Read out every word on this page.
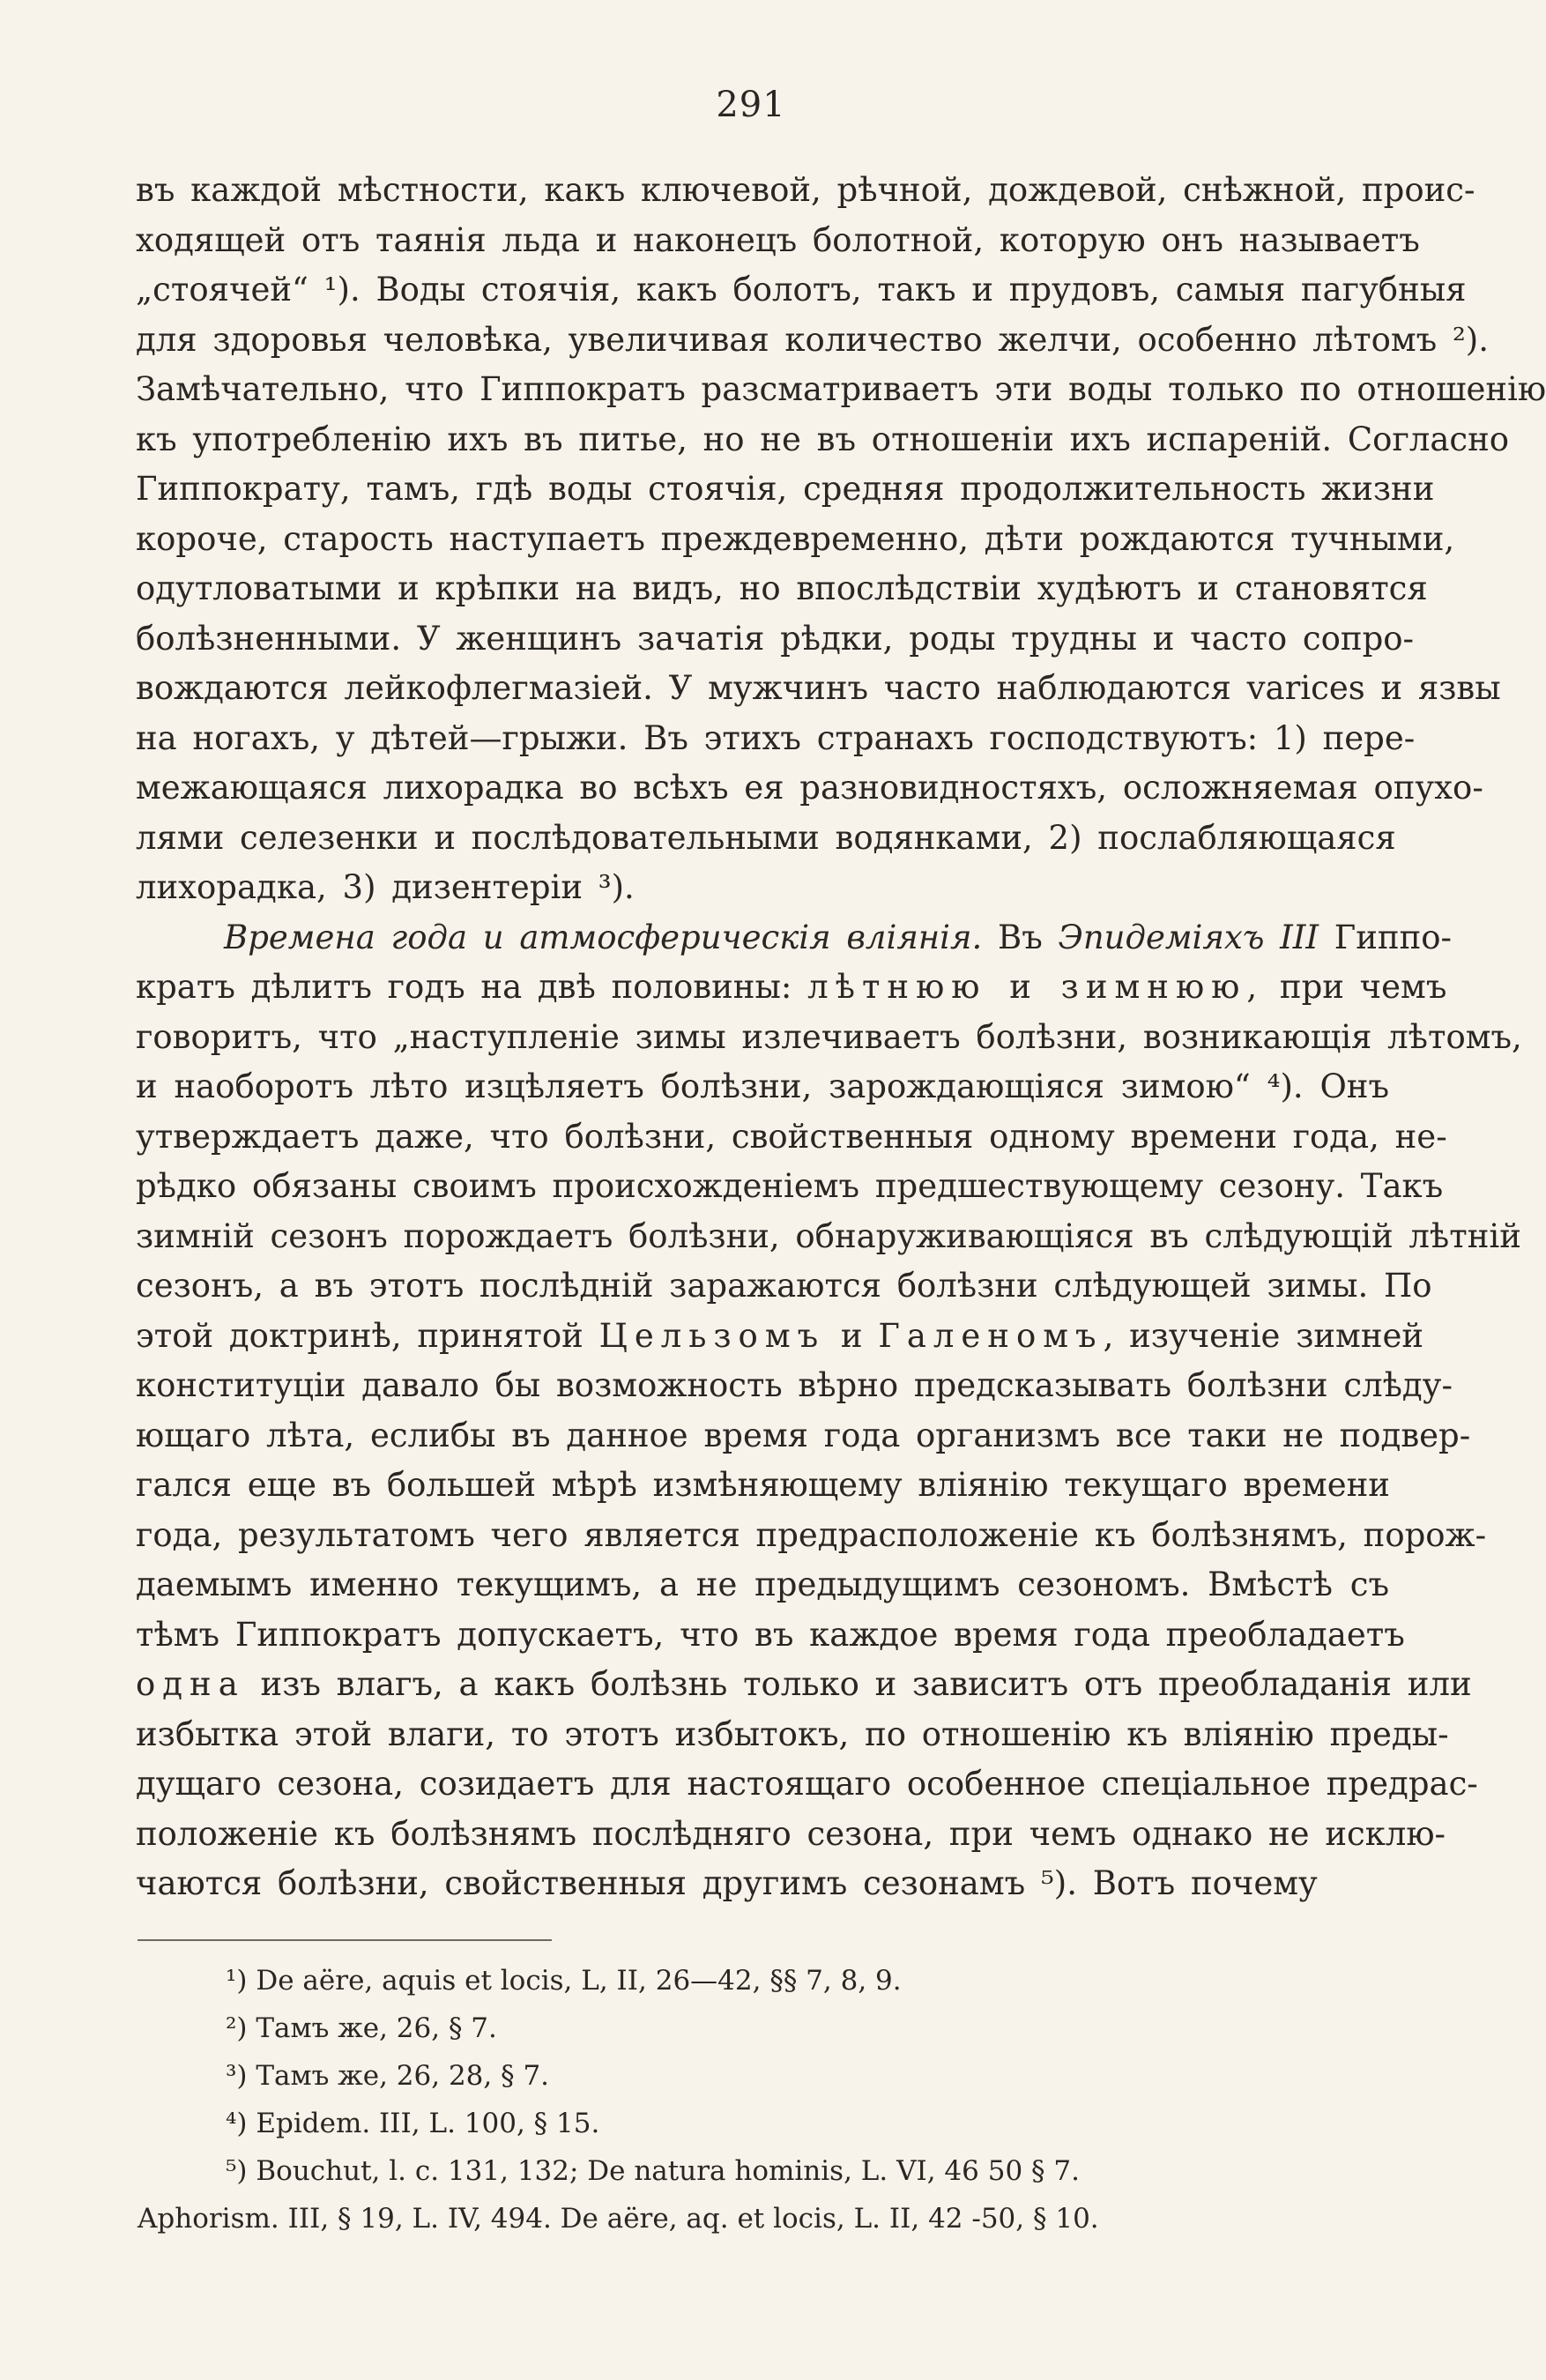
291
въ каждой мѣстности, какъ ключевой, рѣчной, дождевой, снѣжной, проис-
ходящей отъ таянія льда и наконецъ болотной, которую онъ называетъ
„стоячей“ ¹). Воды стоячія, какъ болотъ, такъ и прудовъ, самыя пагубныя
для здоровья человѣка, увеличивая количество желчи, особенно лѣтомъ ²).
Замѣчательно, что Гиппократъ разсматриваетъ эти воды только по отношенію
къ употребленію ихъ въ питье, но не въ отношеніи ихъ испареній. Согласно
Гиппократу, тамъ, гдѣ воды стоячія, средняя продолжительность жизни
короче, старость наступаетъ преждевременно, дѣти рождаются тучными,
одутловатыми и крѣпки на видъ, но впослѣдствіи худѣютъ и становятся
болѣзненными. У женщинъ зачатія рѣдки, роды трудны и часто сопро-
вождаются лейкофлегмазіей. У мужчинъ часто наблюдаются varices и язвы
на ногахъ, у дѣтей—грыжи. Въ этихъ странахъ господствуютъ: 1) пере-
межающаяся лихорадка во всѣхъ ея разновидностяхъ, осложняемая опухо-
лями селезенки и послѣдовательными водянками, 2) послабляющаяся
лихорадка, 3) дизентеріи ³).
Времена года и атмосферическія вліянія. Въ Эпидеміяхъ III Гиппо-
кратъ дѣлитъ годъ на двѣ половины: лѣтнюю и зимнюю, при чемъ
говоритъ, что „наступленіе зимы излечиваетъ болѣзни, возникающія лѣтомъ,
и наоборотъ лѣто изцѣляетъ болѣзни, зарождающіяся зимою“ ⁴). Онъ
утверждаетъ даже, что болѣзни, свойственныя одному времени года, не-
рѣдко обязаны своимъ происхожденіемъ предшествующему сезону. Такъ
зимній сезонъ порождаетъ болѣзни, обнаруживающіяся въ слѣдующій лѣтній
сезонъ, а въ этотъ послѣдній заражаются болѣзни слѣдующей зимы. По
этой доктринѣ, принятой Цельзомъ и Галеномъ, изученіе зимней
конституціи давало бы возможность вѣрно предсказывать болѣзни слѣду-
ющаго лѣта, еслибы въ данное время года организмъ все таки не подвер-
гался еще въ большей мѣрѣ измѣняющему вліянію текущаго времени
года, результатомъ чего является предрасположеніе къ болѣзнямъ, порож-
даемымъ именно текущимъ, а не предыдущимъ сезономъ. Вмѣстѣ съ
тѣмъ Гиппократъ допускаетъ, что въ каждое время года преобладаетъ
одна изъ влагъ, а какъ болѣзнь только и зависитъ отъ преобладанія или
избытка этой влаги, то этотъ избытокъ, по отношенію къ вліянію преды-
дущаго сезона, созидаетъ для настоящаго особенное спеціальное предрас-
положеніе къ болѣзнямъ послѣдняго сезона, при чемъ однако не исклю-
чаются болѣзни, свойственныя другимъ сезонамъ ⁵). Вотъ почему
¹) De aëre, aquis et locis, L, II, 26—42, §§ 7, 8, 9.
²) Тамъ же, 26, § 7.
³) Тамъ же, 26, 28, § 7.
⁴) Epidem. III, L. 100, § 15.
⁵) Bouchut, l. c. 131, 132; De natura hominis, L. VI, 46 50 § 7.
Aphorism. III, § 19, L. IV, 494. De aëre, aq. et locis, L. II, 42 -50, § 10.
